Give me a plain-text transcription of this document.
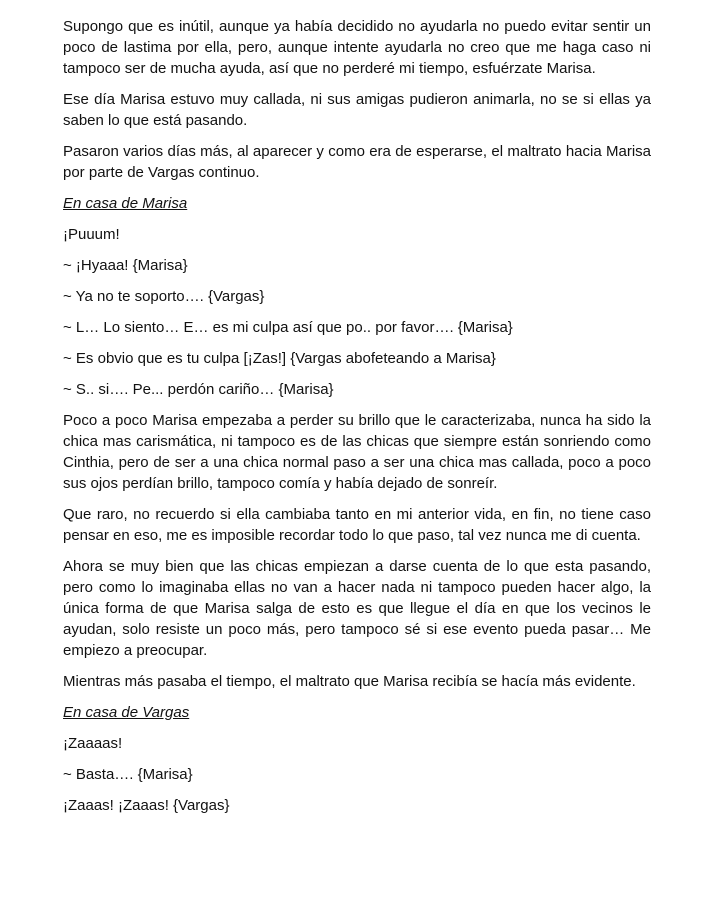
Supongo que es inútil, aunque ya había decidido no ayudarla no puedo evitar sentir un poco de lastima por ella, pero, aunque intente ayudarla no creo que me haga caso ni tampoco ser de mucha ayuda, así que no perderé mi tiempo, esfuérzate Marisa.

Ese día Marisa estuvo muy callada, ni sus amigas pudieron animarla, no se si ellas ya saben lo que está pasando.

Pasaron varios días más, al aparecer y como era de esperarse, el maltrato hacia Marisa por parte de Vargas continuo.

En casa de Marisa

¡Puuum!

~ ¡Hyaaa! {Marisa}

~ Ya no te soporto…. {Vargas}

~ L… Lo siento… E… es mi culpa así que po.. por favor…. {Marisa}

~ Es obvio que es tu culpa [¡Zas!] {Vargas abofeteando a Marisa}

~ S.. si…. Pe... perdón cariño… {Marisa}

Poco a poco Marisa empezaba a perder su brillo que le caracterizaba, nunca ha sido la chica mas carismática, ni tampoco es de las chicas que siempre están sonriendo como Cinthia, pero de ser a una chica normal paso a ser una chica mas callada, poco a poco sus ojos perdían brillo, tampoco comía y había dejado de sonreír.

Que raro, no recuerdo si ella cambiaba tanto en mi anterior vida, en fin, no tiene caso pensar en eso, me es imposible recordar todo lo que paso, tal vez nunca me di cuenta.

Ahora se muy bien que las chicas empiezan a darse cuenta de lo que esta pasando, pero como lo imaginaba ellas no van a hacer nada ni tampoco pueden hacer algo, la única forma de que Marisa salga de esto es que llegue el día en que los vecinos le ayudan, solo resiste un poco más, pero tampoco sé si ese evento pueda pasar… Me empiezo a preocupar.

Mientras más pasaba el tiempo, el maltrato que Marisa recibía se hacía más evidente.

En casa de Vargas

¡Zaaaas!

~ Basta…. {Marisa}

¡Zaaas! ¡Zaaas! {Vargas}
